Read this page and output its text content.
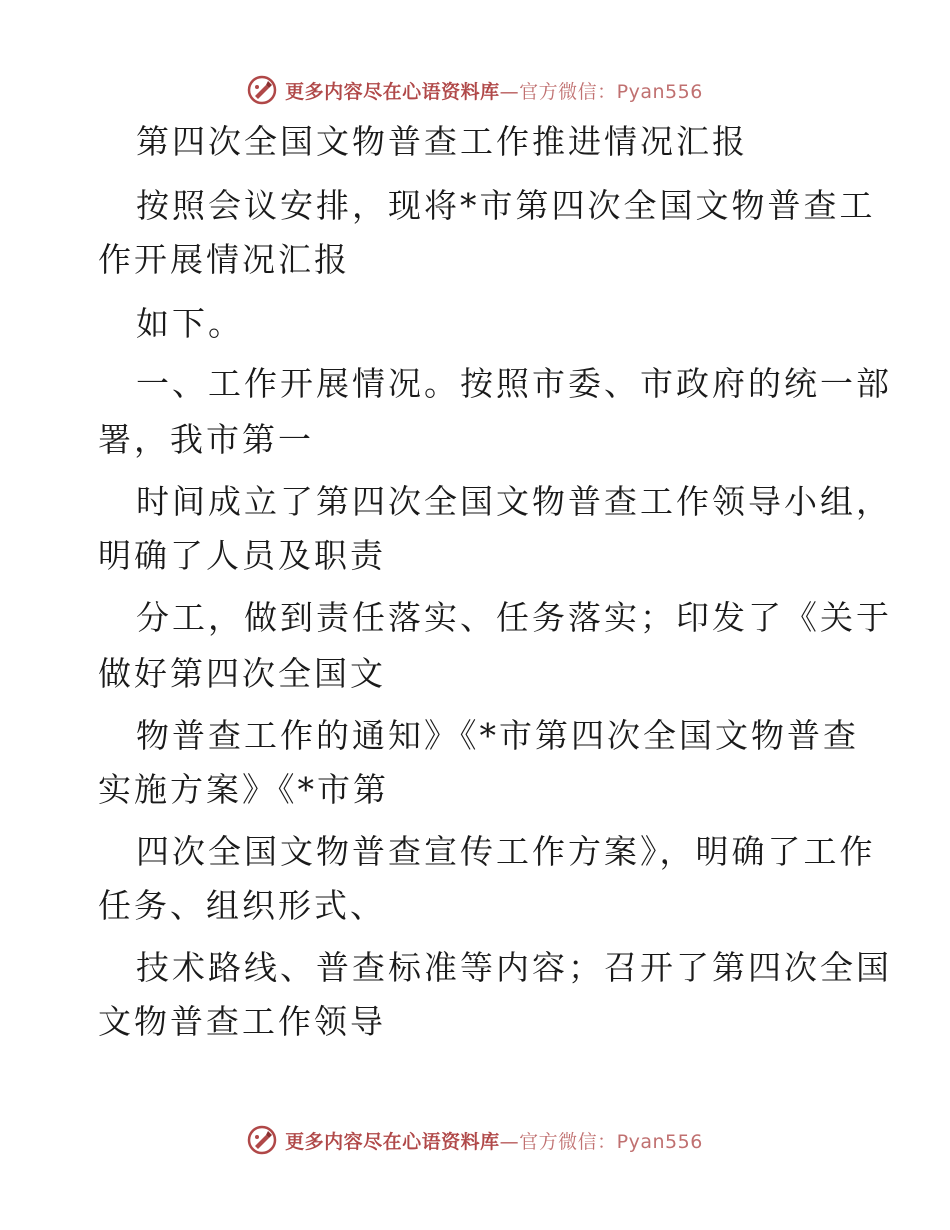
更多内容尽在心语资料库—官方微信：Pyan556
第四次全国文物普查工作推进情况汇报
按照会议安排，现将*市第四次全国文物普查工
作开展情况汇报
如下。
一、工作开展情况。按照市委、市政府的统一部
署，我市第一
时间成立了第四次全国文物普查工作领导小组，
明确了人员及职责
分工，做到责任落实、任务落实；印发了《关于
做好第四次全国文
物普查工作的通知》《*市第四次全国文物普查
实施方案》《*市第
四次全国文物普查宣传工作方案》，明确了工作
任务、组织形式、
技术路线、普查标准等内容；召开了第四次全国
文物普查工作领导
更多内容尽在心语资料库—官方微信：Pyan556
